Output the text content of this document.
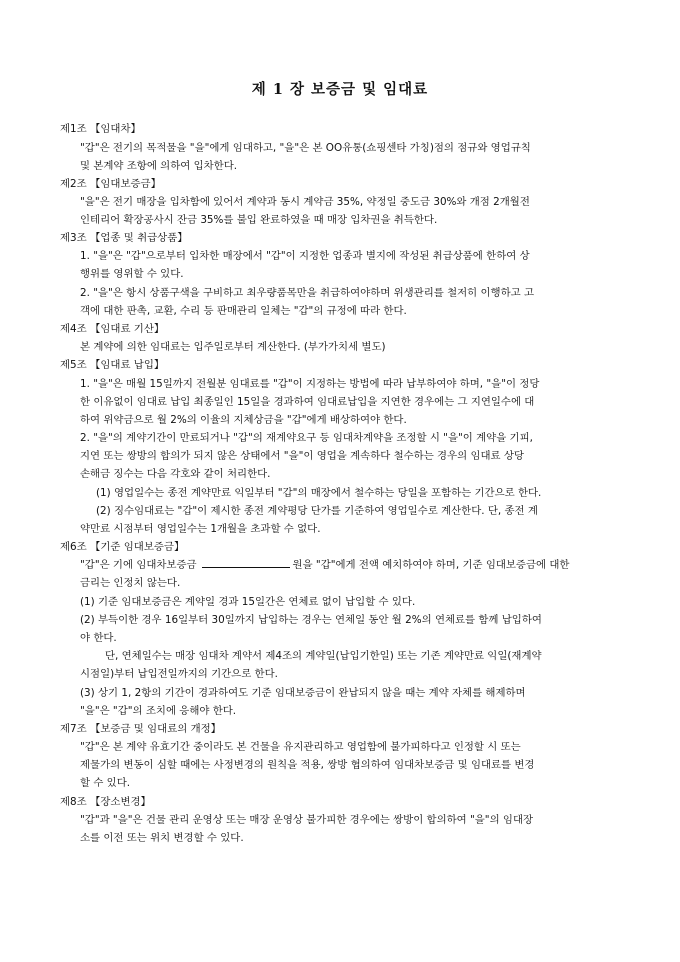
제 1 장 보증금 및 임대료
제1조 【임대차】
"갑"은 전기의 목적물을 "을"에게 임대하고, "을"은 본 OO유통(쇼핑센타 가칭)점의 점규와 영업규칙
및 본계약 조항에 의하여 입차한다.
제2조 【임대보증금】
"을"은 전기 매장을 입차함에 있어서 계약과 동시 계약금 35%, 약정일 중도금 30%와 개점 2개월전
인테리어 확장공사시 잔금 35%를 불입 완료하였을 때 매장 입차권을 취득한다.
제3조 【업종 및 취급상품】
1. "을"은 "갑"으로부터 입차한 매장에서 "갑"이 지정한 업종과 별지에 작성된 취급상품에 한하여 상
행위를 영위할 수 있다.
2. "을"은 항시 상품구색을 구비하고 최우량품목만을 취급하여야하며 위생관리를 철저히 이행하고 고
객에 대한 판촉, 교환, 수리 등 판매관리 일체는 "갑"의 규정에 따라 한다.
제4조 【임대료 기산】
본 계약에 의한 임대료는 입주일로부터 계산한다. (부가가치세 별도)
제5조 【임대료 납입】
1. "을"은 매월 15일까지 전월분 임대료를 "갑"이 지정하는 방법에 따라 납부하여야 하며, "을"이 정당
한 이유없이 임대료 납입 최종일인 15일을 경과하여 임대료납입을 지연한 경우에는 그 지연일수에 대
하여 위약금으로 월 2%의 이율의 지체상금을 "갑"에게 배상하여야 한다.
2. "을"의 계약기간이 만료되거나 "갑"의 재계약요구 등 임대차계약을 조정할 시 "을"이 계약을 기피,
지연 또는 쌍방의 합의가 되지 않은 상태에서 "을"이 영업을 계속하다 철수하는 경우의 임대료 상당
손해금 징수는 다음 각호와 같이 처리한다.
(1) 영업일수는 종전 계약만료 익일부터 "갑"의 매장에서 철수하는 당일을 포함하는 기간으로 한다.
(2) 징수임대료는 "갑"이 제시한 종전 계약평당 단가를 기준하여 영업일수로 계산한다. 단, 종전 계
약만료 시점부터 영업일수는 1개월을 초과할 수 없다.
제6조 【기준 임대보증금】
"갑"은 기에 임대차보증금	원을 "갑"에게 전액 예치하여야 하며, 기준 임대보증금에 대한
금리는 인정치 않는다.
(1) 기준 임대보증금은 계약일 경과 15일간은 연체료 없이 납입할 수 있다.
(2) 부득이한 경우 16일부터 30일까지 납입하는 경우는 연체일 동안 월 2%의 연체료를 함께 납입하여
야 한다.
단, 연체일수는 매장 임대차 계약서 제4조의 계약일(납입기한일) 또는 기존 계약만료 익일(재계약
시점일)부터 납입전일까지의 기간으로 한다.
(3) 상기 1, 2항의 기간이 경과하여도 기준 임대보증금이 완납되지 않을 때는 계약 자체를 해제하며
"을"은 "갑"의 조치에 응해야 한다.
제7조 【보증금 및 임대료의 개정】
"갑"은 본 계약 유효기간 중이라도 본 건물을 유지관리하고 영업함에 불가피하다고 인정할 시 또는
제물가의 변동이 심할 때에는 사정변경의 원칙을 적용, 쌍방 협의하여 임대차보증금 및 임대료를 변경
할 수 있다.
제8조 【장소변경】
"갑"과 "을"은 건물 관리 운영상 또는 매장 운영상 불가피한 경우에는 쌍방이 합의하여 "을"의 임대장
소를 이전 또는 위치 변경할 수 있다.
